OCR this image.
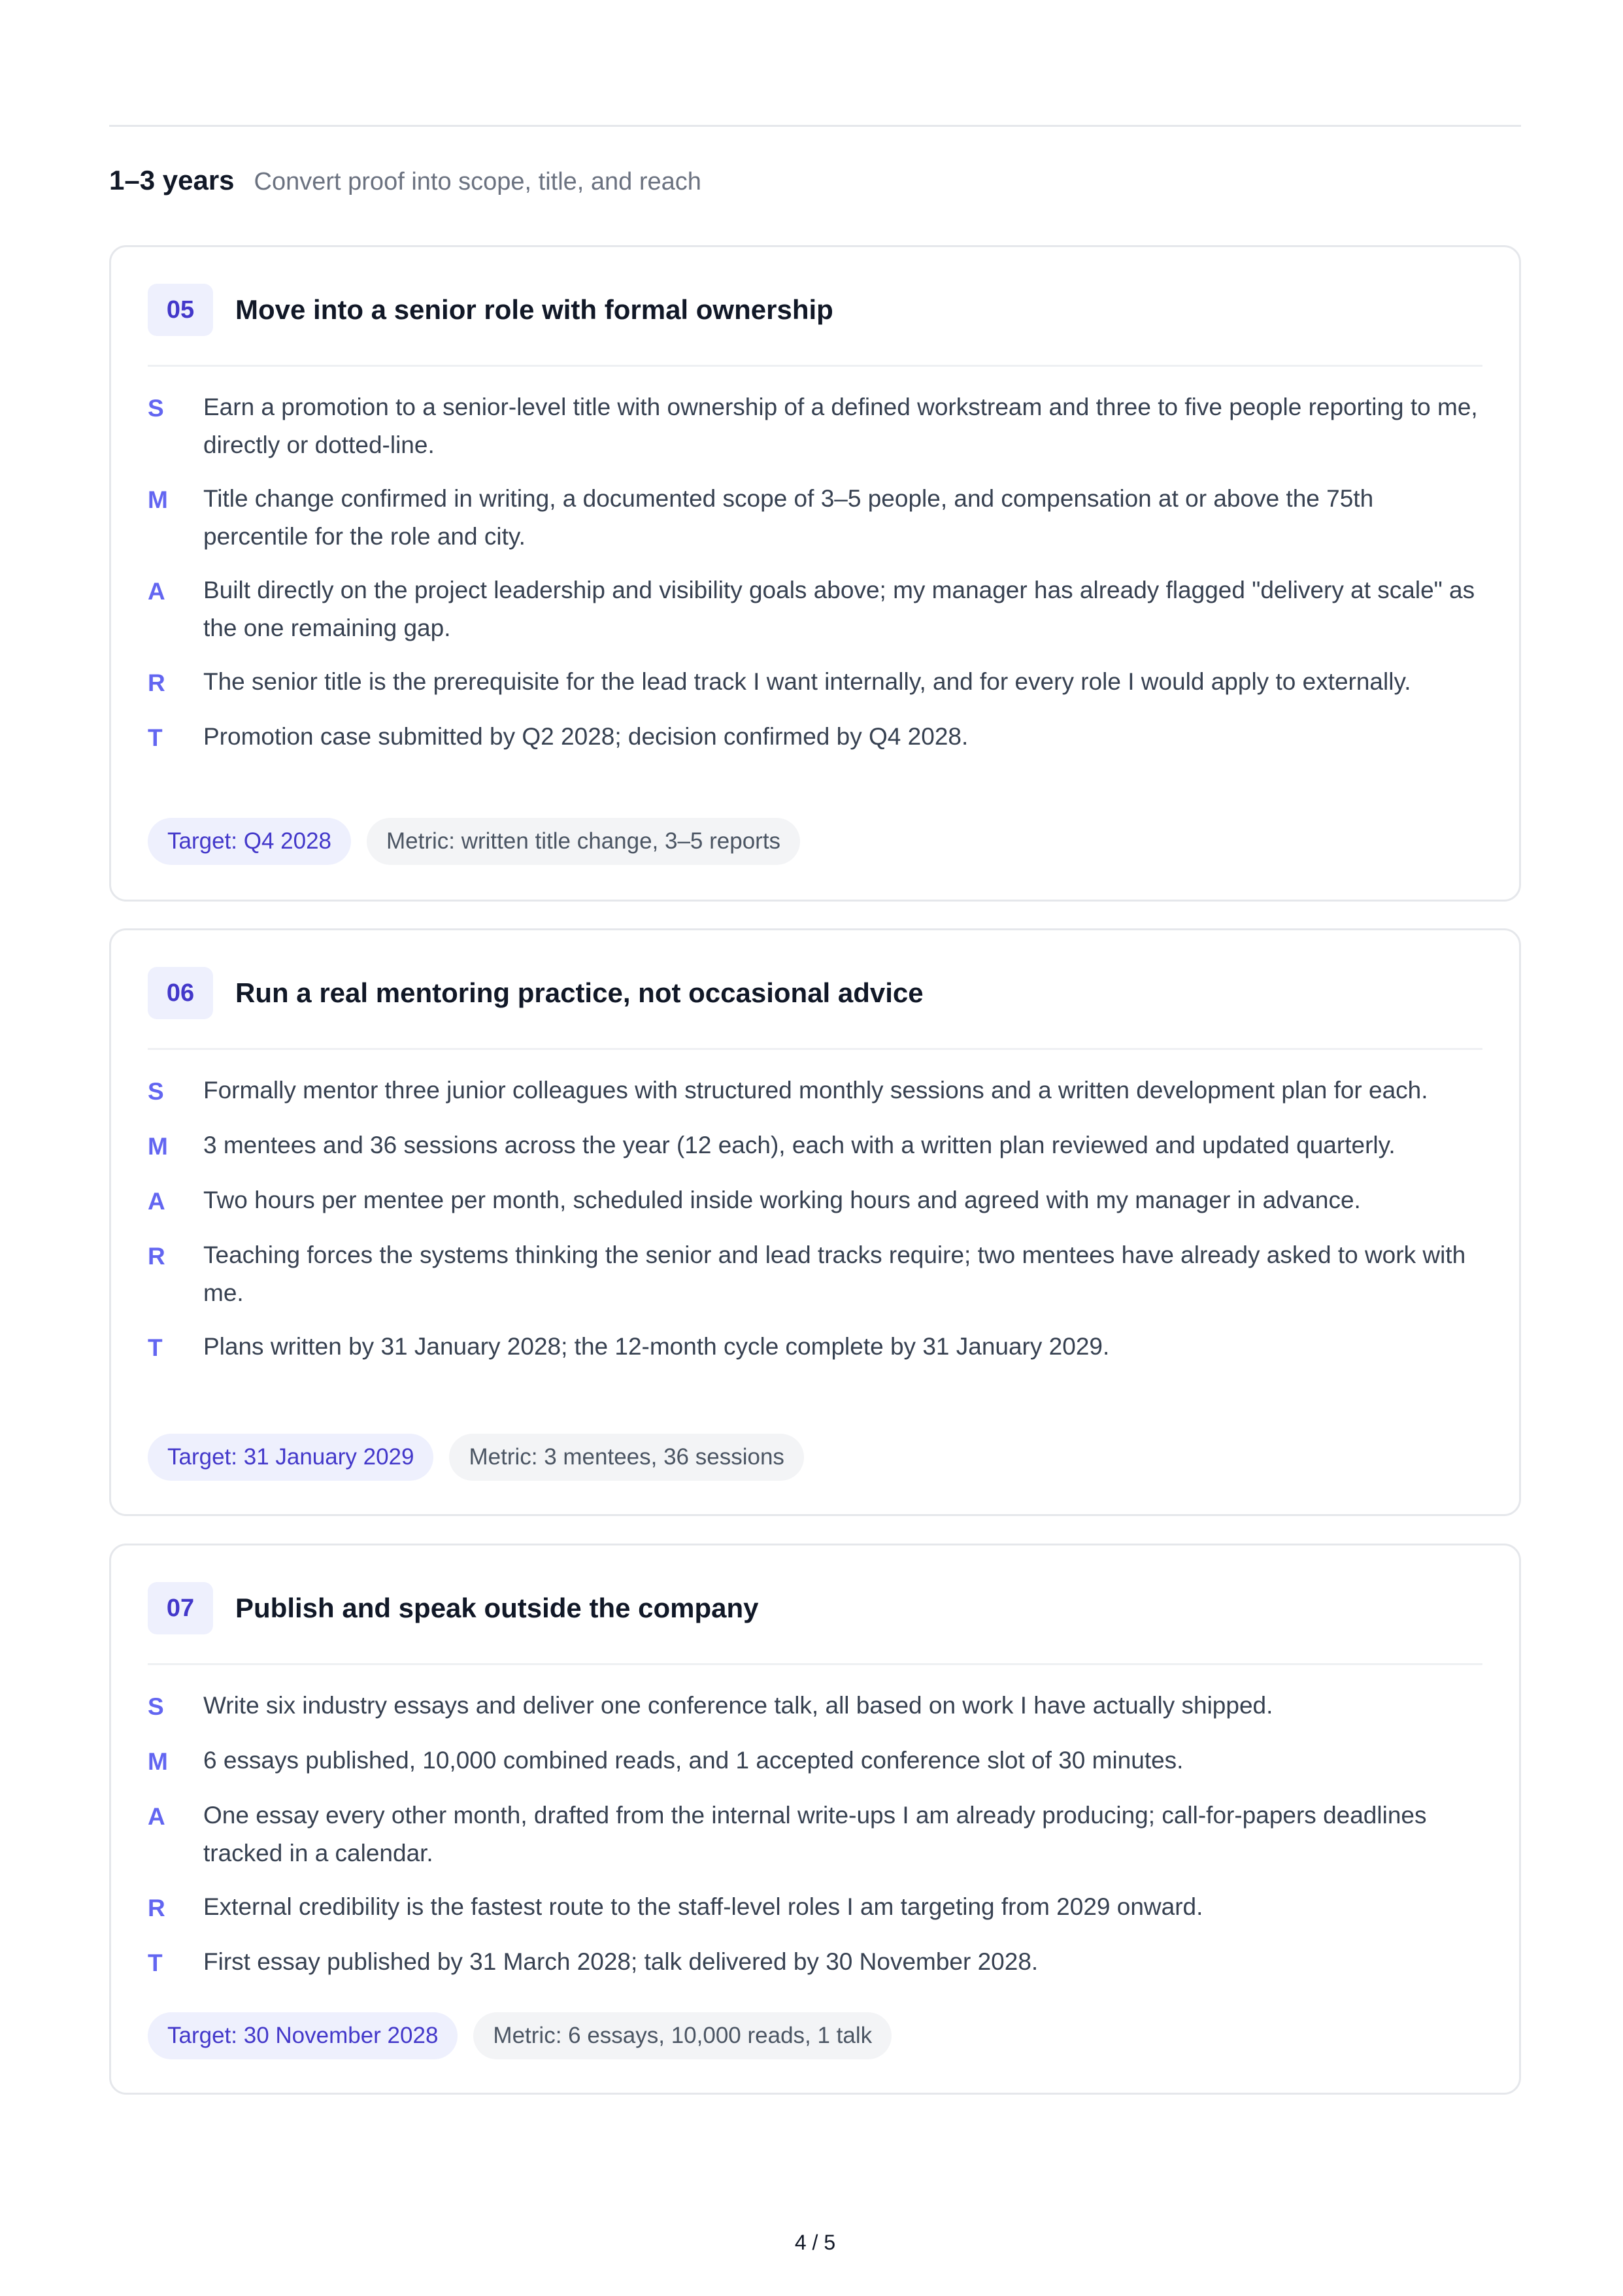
1–3 years Convert proof into scope, title, and reach
05	Move into a senior role with formal ownership
S	Earn a promotion to a senior-level title with ownership of a defined workstream and three to five people reporting to me, directly or dotted-line.
M	Title change confirmed in writing, a documented scope of 3–5 people, and compensation at or above the 75th percentile for the role and city.
A	Built directly on the project leadership and visibility goals above; my manager has already flagged "delivery at scale" as the one remaining gap.
R	The senior title is the prerequisite for the lead track I want internally, and for every role I would apply to externally.
T	Promotion case submitted by Q2 2028; decision confirmed by Q4 2028.
Target: Q4 2028	Metric: written title change, 3–5 reports
06	Run a real mentoring practice, not occasional advice
S	Formally mentor three junior colleagues with structured monthly sessions and a written development plan for each.
M	3 mentees and 36 sessions across the year (12 each), each with a written plan reviewed and updated quarterly.
A	Two hours per mentee per month, scheduled inside working hours and agreed with my manager in advance.
R	Teaching forces the systems thinking the senior and lead tracks require; two mentees have already asked to work with me.
T	Plans written by 31 January 2028; the 12-month cycle complete by 31 January 2029.
Target: 31 January 2029	Metric: 3 mentees, 36 sessions
07	Publish and speak outside the company
S	Write six industry essays and deliver one conference talk, all based on work I have actually shipped.
M	6 essays published, 10,000 combined reads, and 1 accepted conference slot of 30 minutes.
A	One essay every other month, drafted from the internal write-ups I am already producing; call-for-papers deadlines tracked in a calendar.
R	External credibility is the fastest route to the staff-level roles I am targeting from 2029 onward.
T	First essay published by 31 March 2028; talk delivered by 30 November 2028.
Target: 30 November 2028	Metric: 6 essays, 10,000 reads, 1 talk
4 / 5
